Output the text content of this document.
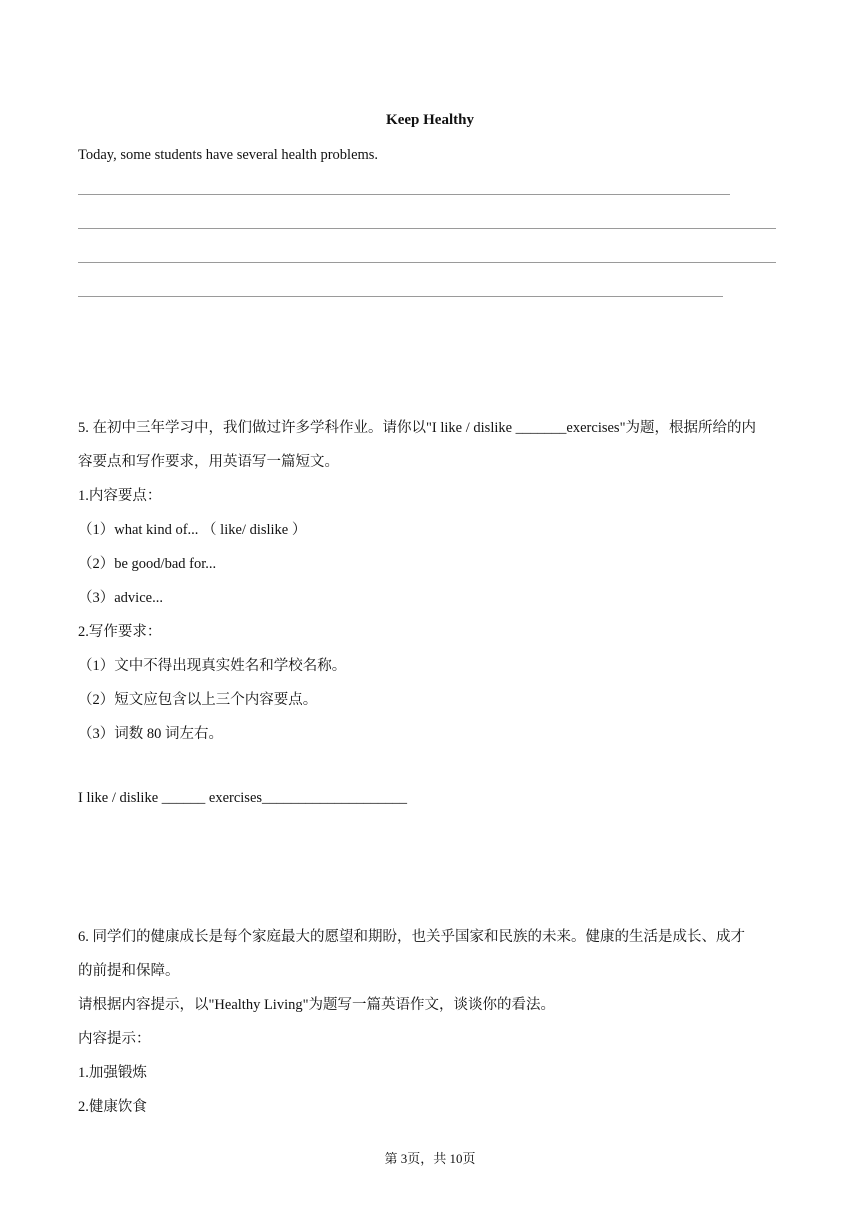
Keep Healthy
Today, some students have several health problems.
5. 在初中三年学习中，我们做过许多学科作业。请你以"I like / dislike _______exercises"为题，根据所给的内
容要点和写作要求，用英语写一篇短文。
1.内容要点：
（1）what kind of... （ like/ dislike ）
（2）be good/bad for...
（3）advice...
2.写作要求：
（1）文中不得出现真实姓名和学校名称。
（2）短文应包含以上三个内容要点。
（3）词数 80 词左右。
I like / dislike ______ exercises____________________
6. 同学们的健康成长是每个家庭最大的愿望和期盼，也关乎国家和民族的未来。健康的生活是成长、成才
的前提和保障。
请根据内容提示，以"Healthy Living"为题写一篇英语作文，谈谈你的看法。
内容提示：
1.加强锻炼
2.健康饮食
第 3页，共 10页
